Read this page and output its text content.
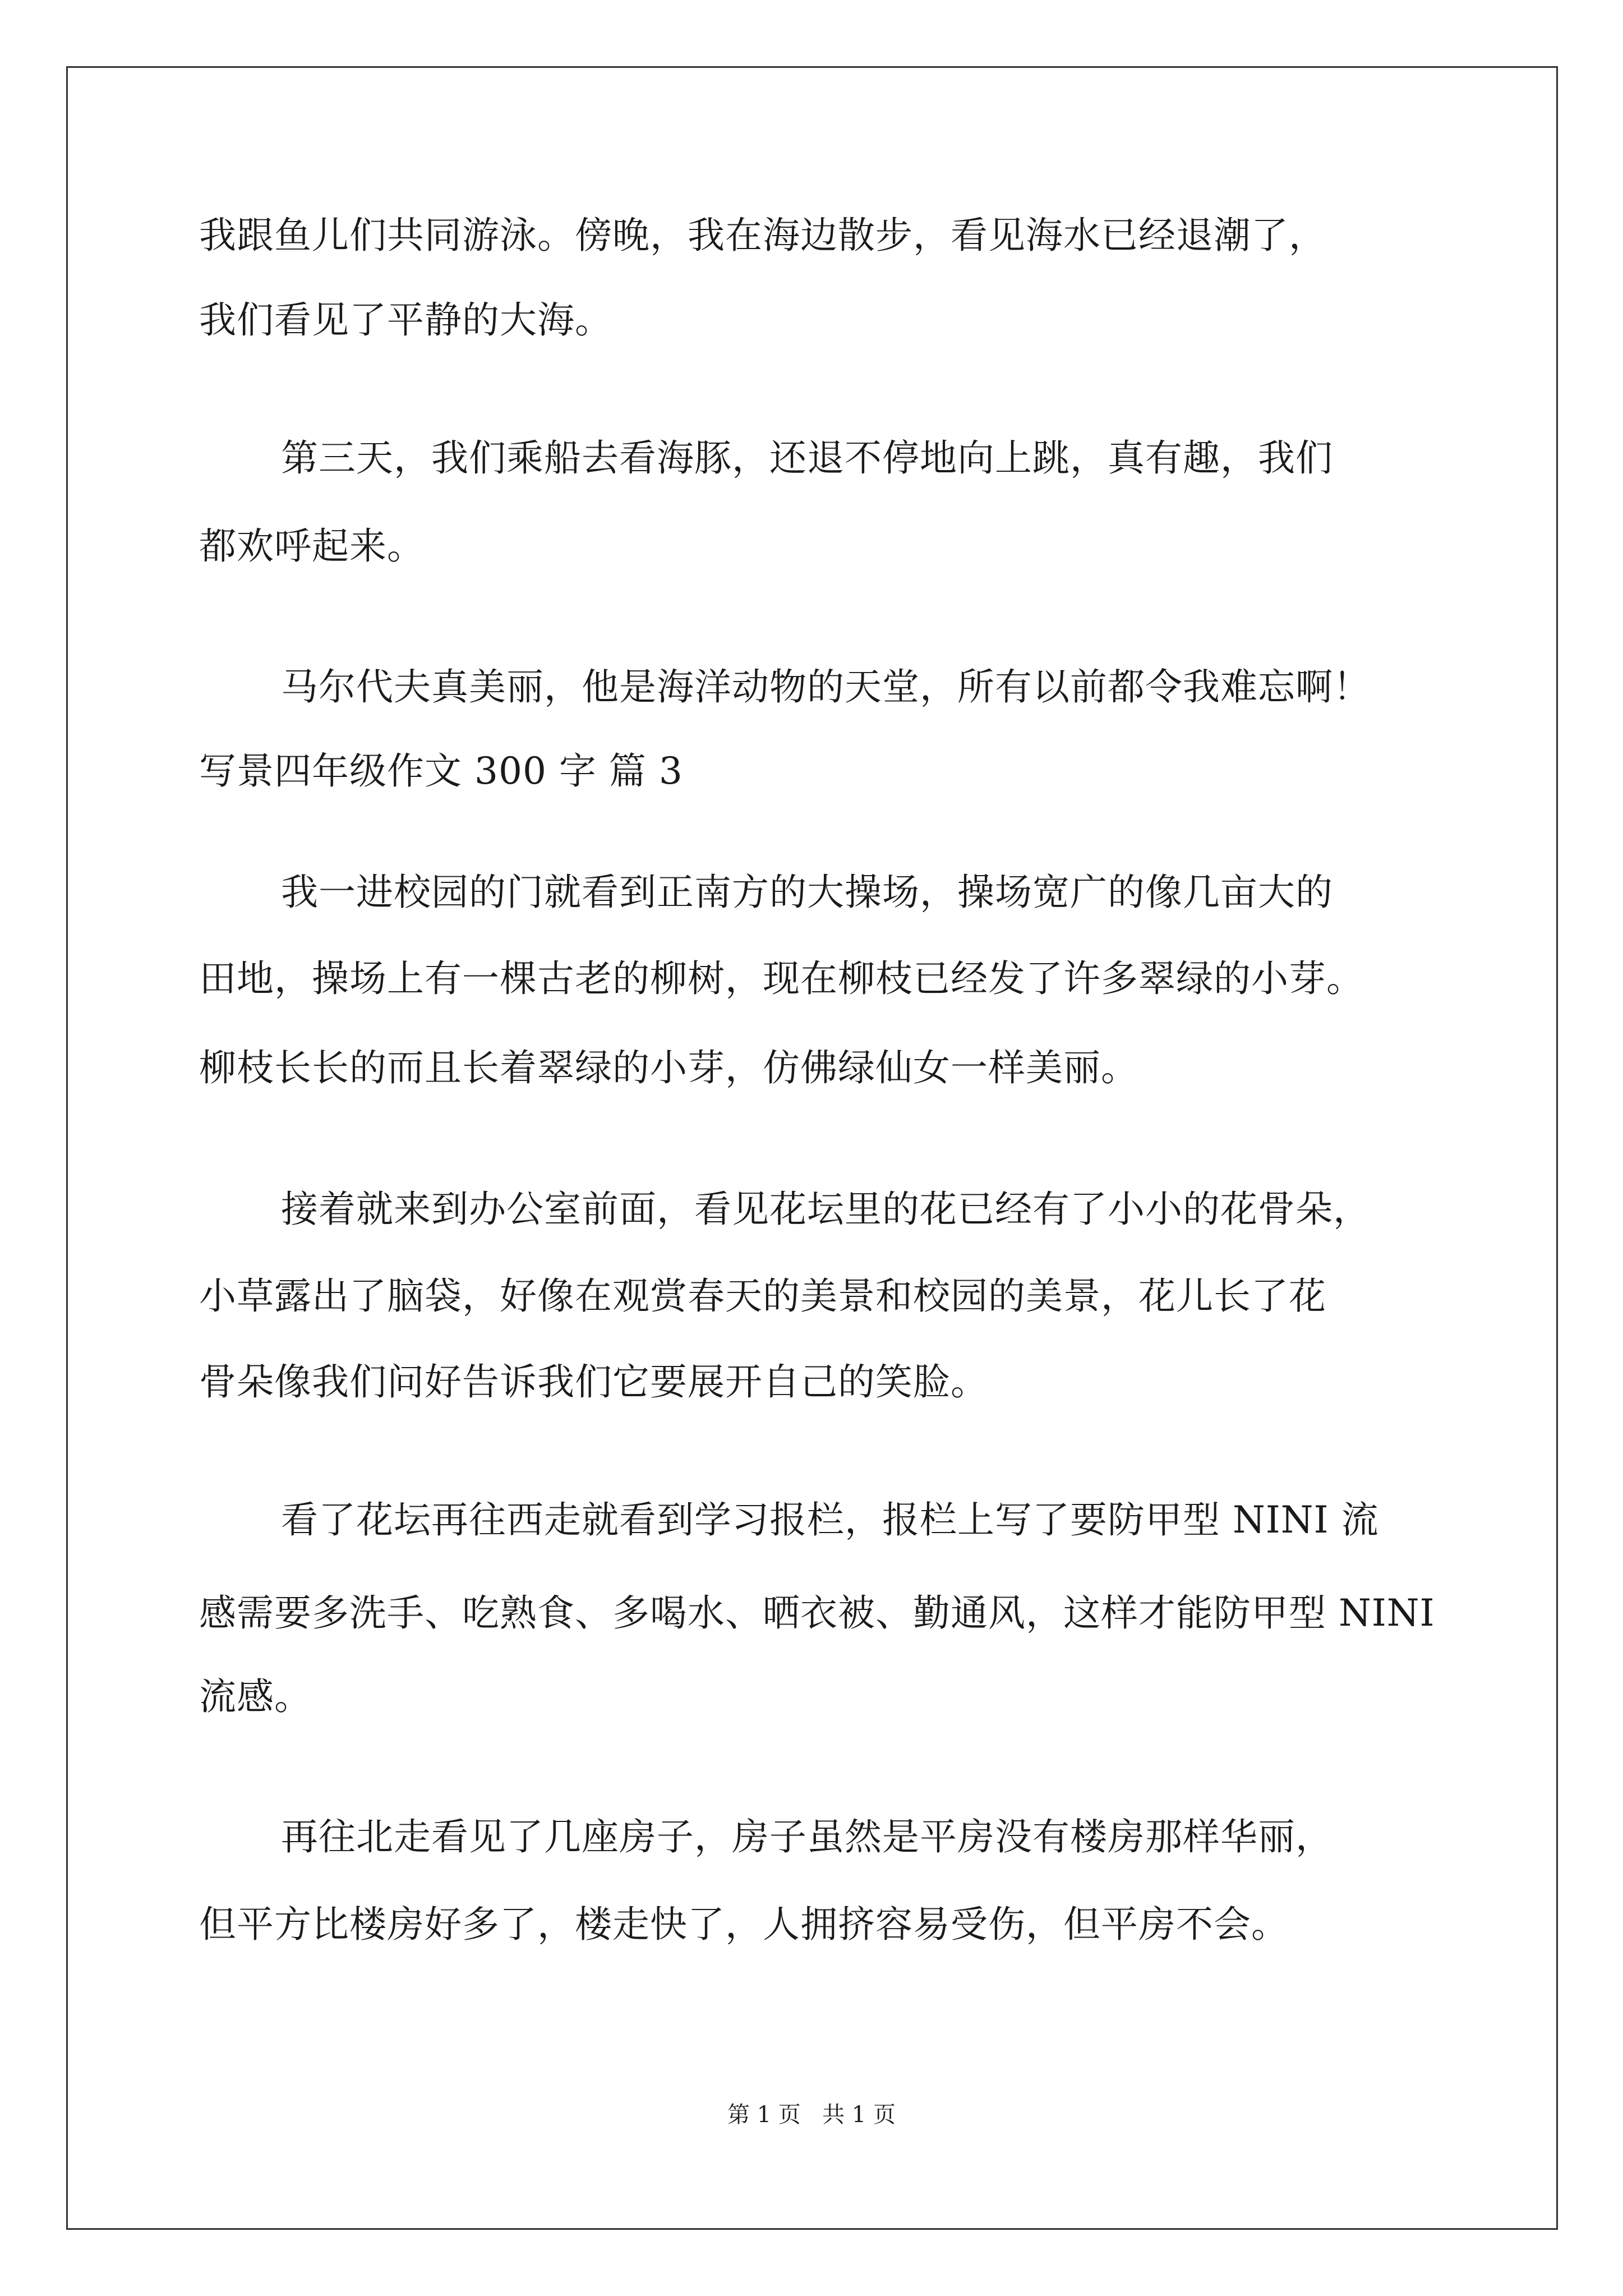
我跟鱼儿们共同游泳。傍晚，我在海边散步，看见海水已经退潮了，
我们看见了平静的大海。
第三天，我们乘船去看海豚，还退不停地向上跳，真有趣，我们
都欢呼起来。
马尔代夫真美丽，他是海洋动物的天堂，所有以前都令我难忘啊！
写景四年级作文 300 字 篇 3
我一进校园的门就看到正南方的大操场，操场宽广的像几亩大的
田地，操场上有一棵古老的柳树，现在柳枝已经发了许多翠绿的小芽。
柳枝长长的而且长着翠绿的小芽，仿佛绿仙女一样美丽。
接着就来到办公室前面，看见花坛里的花已经有了小小的花骨朵，
小草露出了脑袋，好像在观赏春天的美景和校园的美景，花儿长了花
骨朵像我们问好告诉我们它要展开自己的笑脸。
看了花坛再往西走就看到学习报栏，报栏上写了要防甲型 NINI 流
感需要多洗手、吃熟食、多喝水、晒衣被、勤通风，这样才能防甲型 NINI
流感。
再往北走看见了几座房子，房子虽然是平房没有楼房那样华丽，
但平方比楼房好多了，楼走快了，人拥挤容易受伤，但平房不会。
第 1 页   共 1 页
